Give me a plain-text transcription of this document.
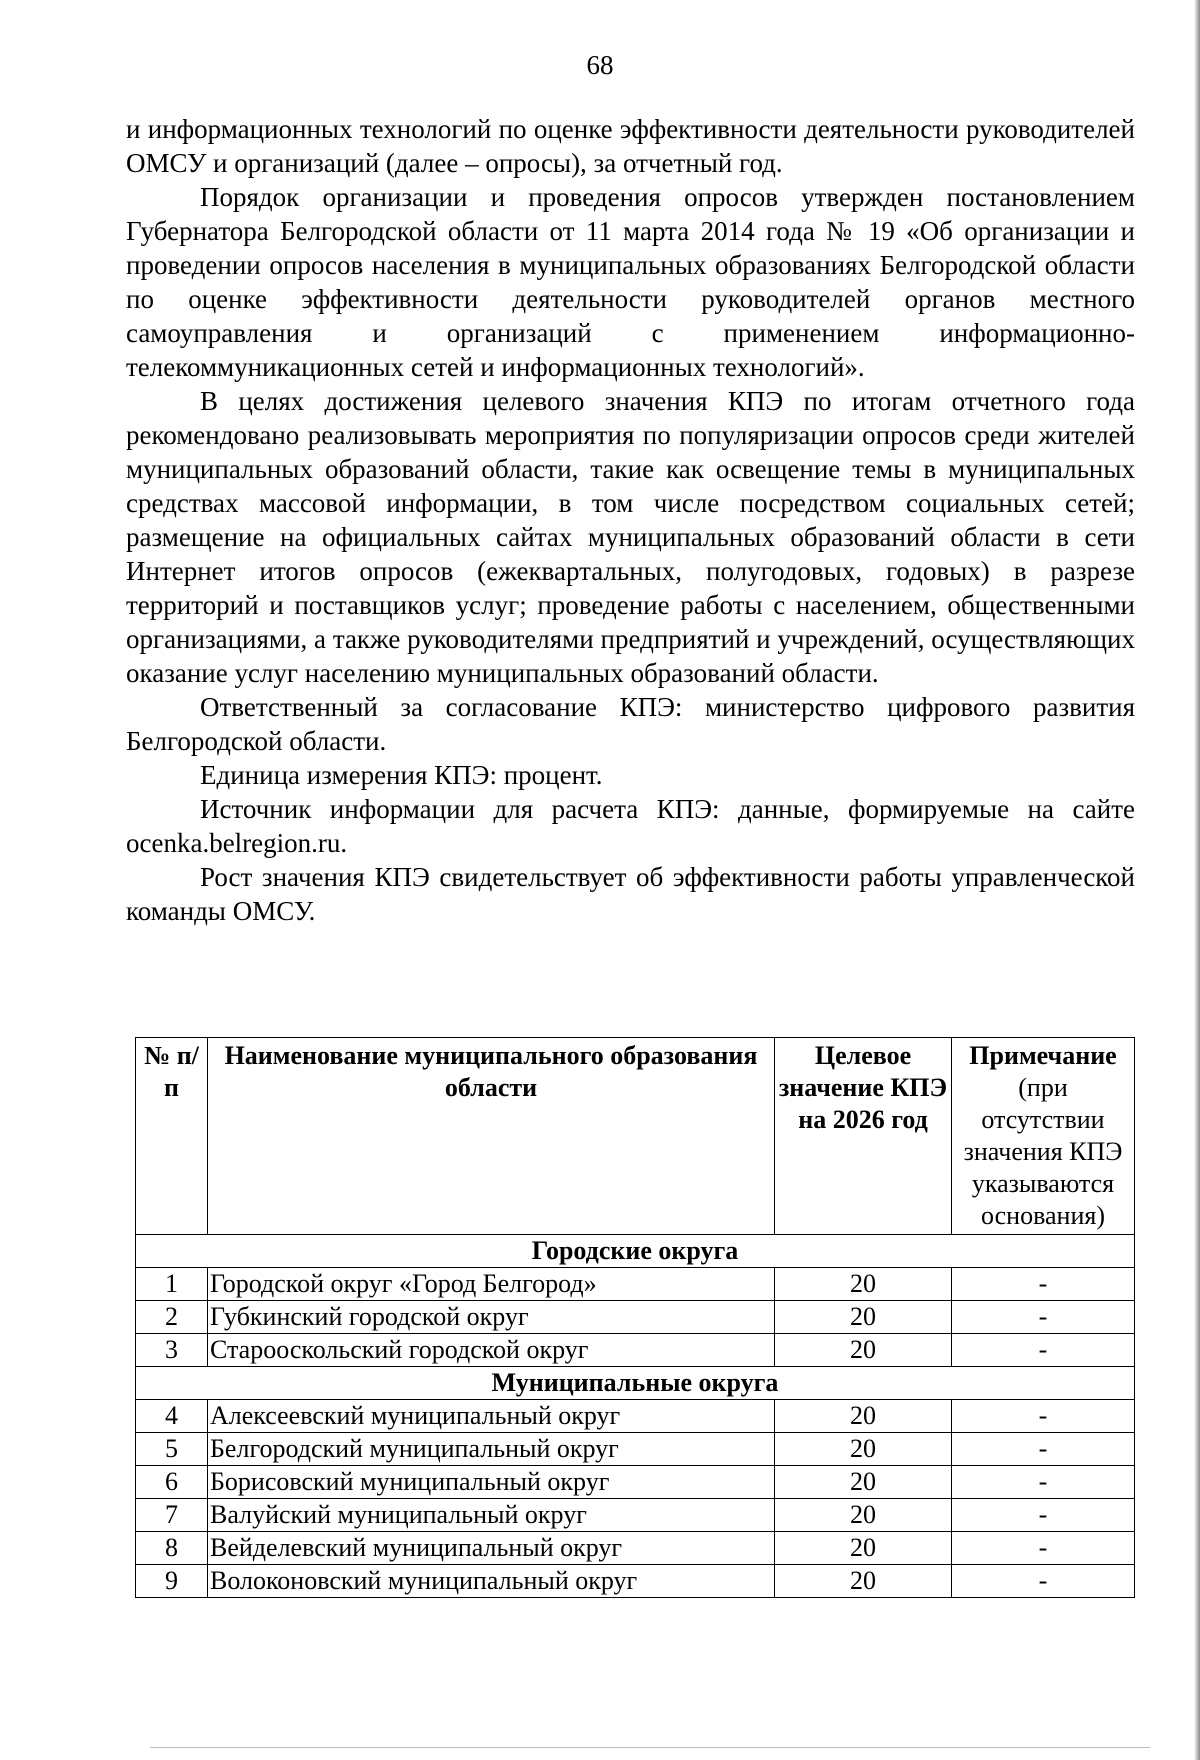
68

и информационных технологий по оценке эффективности деятельности руководителей ОМСУ и организаций (далее – опросы), за отчетный год.

Порядок организации и проведения опросов утвержден постановлением Губернатора Белгородской области от 11 марта 2014 года № 19 «Об организации и проведении опросов населения в муниципальных образованиях Белгородской области по оценке эффективности деятельности руководителей органов местного самоуправления и организаций с применением информационно-телекоммуникационных сетей и информационных технологий».

В целях достижения целевого значения КПЭ по итогам отчетного года рекомендовано реализовывать мероприятия по популяризации опросов среди жителей муниципальных образований области, такие как освещение темы в муниципальных средствах массовой информации, в том числе посредством социальных сетей; размещение на официальных сайтах муниципальных образований области в сети Интернет итогов опросов (ежеквартальных, полугодовых, годовых) в разрезе территорий и поставщиков услуг; проведение работы с населением, общественными организациями, а также руководителями предприятий и учреждений, осуществляющих оказание услуг населению муниципальных образований области.

Ответственный за согласование КПЭ: министерство цифрового развития Белгородской области.

Единица измерения КПЭ: процент.

Источник информации для расчета КПЭ: данные, формируемые на сайте ocenka.belregion.ru.

Рост значения КПЭ свидетельствует об эффективности работы управленческой команды ОМСУ.

№ п/п	Наименование муниципального образования области	Целевое значение КПЭ на 2026 год	Примечание
(при отсутствии значения КПЭ указываются основания)

Городские округа			
1	Городской округ «Город Белгород»	20	-
2	Губкинский городской округ	20	-
3	Старооскольский городской округ	20	-
Муниципальные округа			
4	Алексеевский муниципальный округ	20	-
5	Белгородский муниципальный округ	20	-
6	Борисовский муниципальный округ	20	-
7	Валуйский муниципальный округ	20	-
8	Вейделевский муниципальный округ	20	-
9	Волоконовский муниципальный округ	20	-
